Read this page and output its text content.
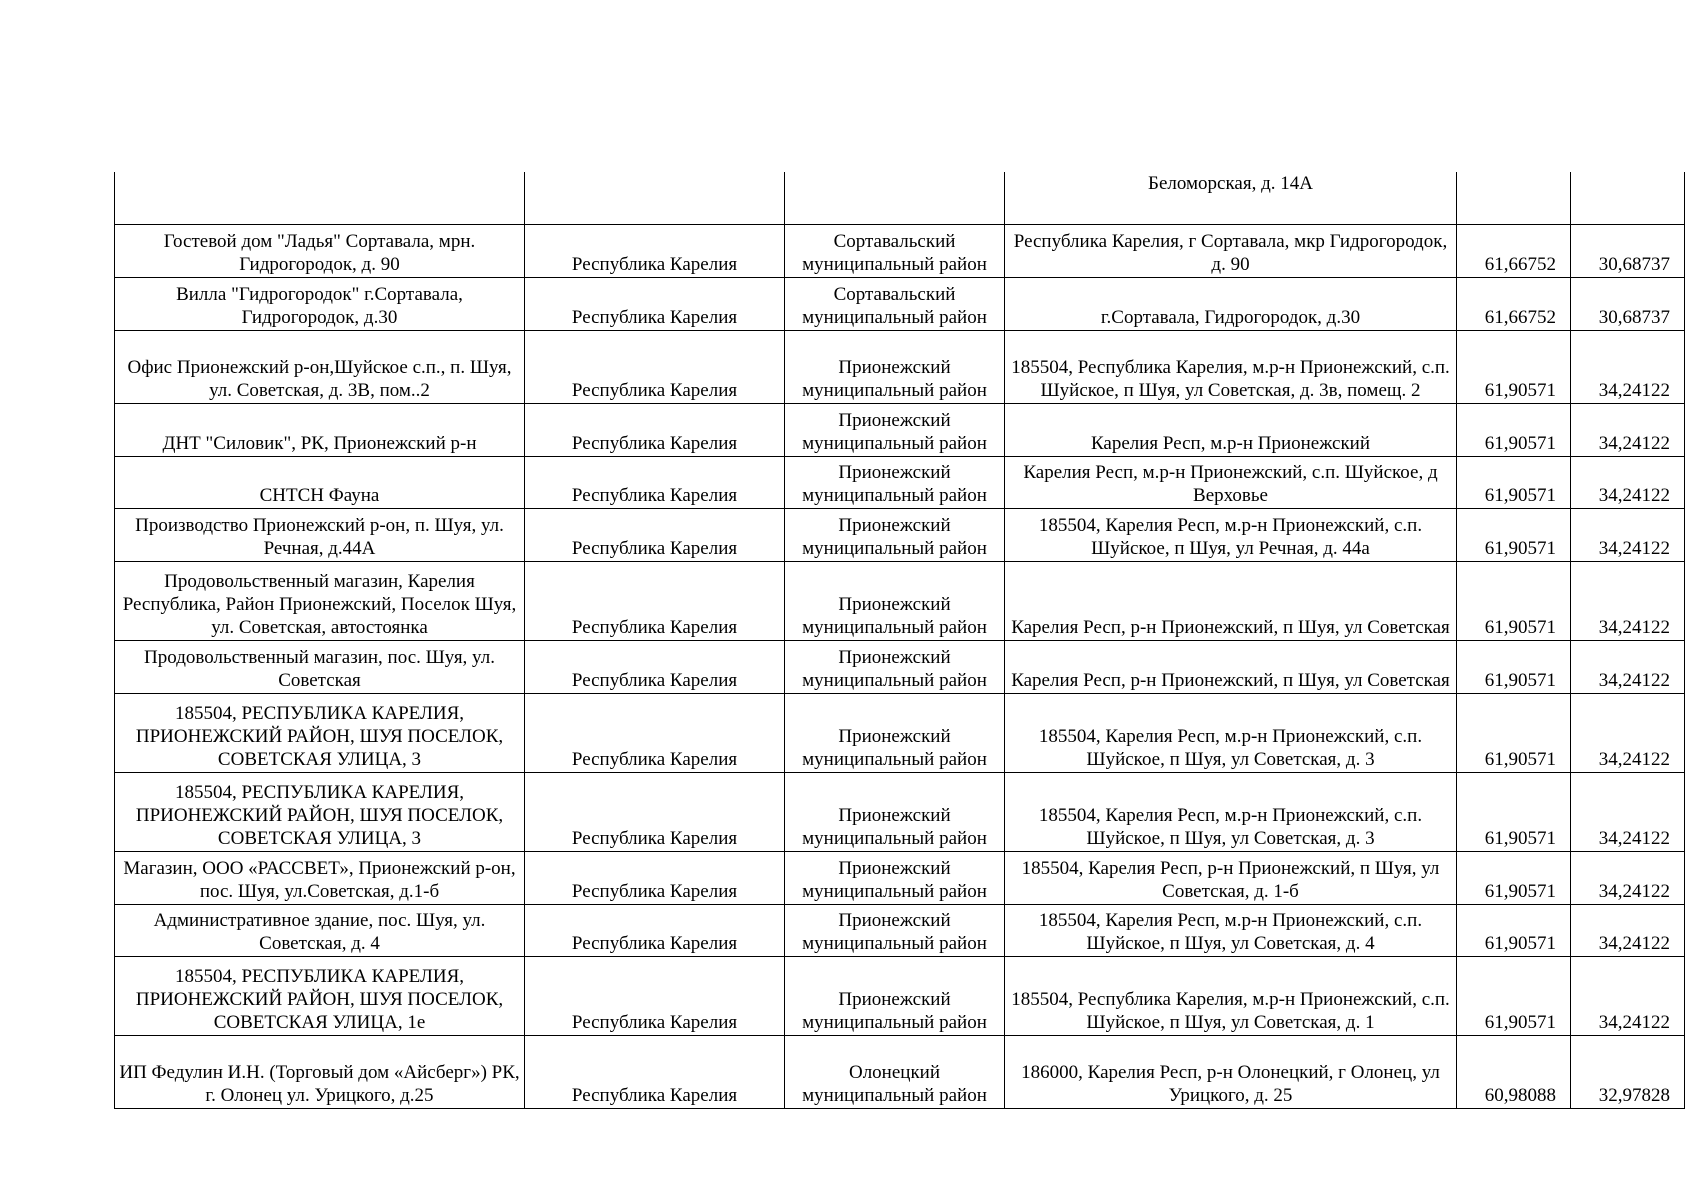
			Беломорская, д. 14А		
Гостевой дом "Ладья" Сортавала, мрн. Гидрогородок, д. 90	Республика Карелия	Сортавальский муниципальный район	Республика Карелия, г Сортавала, мкр Гидрогородок, д. 90	61,66752	30,68737
Вилла "Гидрогородок" г.Сортавала, Гидрогородок, д.30	Республика Карелия	Сортавальский муниципальный район	г.Сортавала, Гидрогородок, д.30	61,66752	30,68737
Офис Прионежский р-он,Шуйское с.п., п. Шуя, ул. Советская, д. 3В, пом..2	Республика Карелия	Прионежский муниципальный район	185504, Республика Карелия, м.р-н Прионежский, с.п. Шуйское, п Шуя, ул Советская, д. 3в, помещ. 2	61,90571	34,24122
ДНТ "Силовик", РК, Прионежский р-н	Республика Карелия	Прионежский муниципальный район	Карелия Респ, м.р-н Прионежский	61,90571	34,24122
СНТСН Фауна	Республика Карелия	Прионежский муниципальный район	Карелия Респ, м.р-н Прионежский, с.п. Шуйское, д Верховье	61,90571	34,24122
Производство Прионежский р-он, п. Шуя, ул. Речная, д.44А	Республика Карелия	Прионежский муниципальный район	185504, Карелия Респ, м.р-н Прионежский, с.п. Шуйское, п Шуя, ул Речная, д. 44а	61,90571	34,24122
Продовольственный магазин, Карелия Республика, Район Прионежский, Поселок Шуя, ул. Советская, автостоянка	Республика Карелия	Прионежский муниципальный район	Карелия Респ, р-н Прионежский, п Шуя, ул Советская	61,90571	34,24122
Продовольственный магазин, пос. Шуя, ул. Советская	Республика Карелия	Прионежский муниципальный район	Карелия Респ, р-н Прионежский, п Шуя, ул Советская	61,90571	34,24122
185504, РЕСПУБЛИКА КАРЕЛИЯ, ПРИОНЕЖСКИЙ РАЙОН, ШУЯ ПОСЕЛОК, СОВЕТСКАЯ УЛИЦА, 3	Республика Карелия	Прионежский муниципальный район	185504, Карелия Респ, м.р-н Прионежский, с.п. Шуйское, п Шуя, ул Советская, д. 3	61,90571	34,24122
185504, РЕСПУБЛИКА КАРЕЛИЯ, ПРИОНЕЖСКИЙ РАЙОН, ШУЯ ПОСЕЛОК, СОВЕТСКАЯ УЛИЦА, 3	Республика Карелия	Прионежский муниципальный район	185504, Карелия Респ, м.р-н Прионежский, с.п. Шуйское, п Шуя, ул Советская, д. 3	61,90571	34,24122
Магазин, ООО «РАССВЕТ», Прионежский р-он, пос. Шуя, ул.Советская, д.1-б	Республика Карелия	Прионежский муниципальный район	185504, Карелия Респ, р-н Прионежский, п Шуя, ул Советская, д. 1-б	61,90571	34,24122
Административное здание, пос. Шуя, ул. Советская, д. 4	Республика Карелия	Прионежский муниципальный район	185504, Карелия Респ, м.р-н Прионежский, с.п. Шуйское, п Шуя, ул Советская, д. 4	61,90571	34,24122
185504, РЕСПУБЛИКА КАРЕЛИЯ, ПРИОНЕЖСКИЙ РАЙОН, ШУЯ ПОСЕЛОК, СОВЕТСКАЯ УЛИЦА, 1е	Республика Карелия	Прионежский муниципальный район	185504, Республика Карелия, м.р-н Прионежский, с.п. Шуйское, п Шуя, ул Советская, д. 1	61,90571	34,24122
ИП Федулин И.Н. (Торговый дом «Айсберг») РК, г. Олонец ул. Урицкого, д.25	Республика Карелия	Олонецкий муниципальный район	186000, Карелия Респ, р-н Олонецкий, г Олонец, ул Урицкого, д. 25	60,98088	32,97828
